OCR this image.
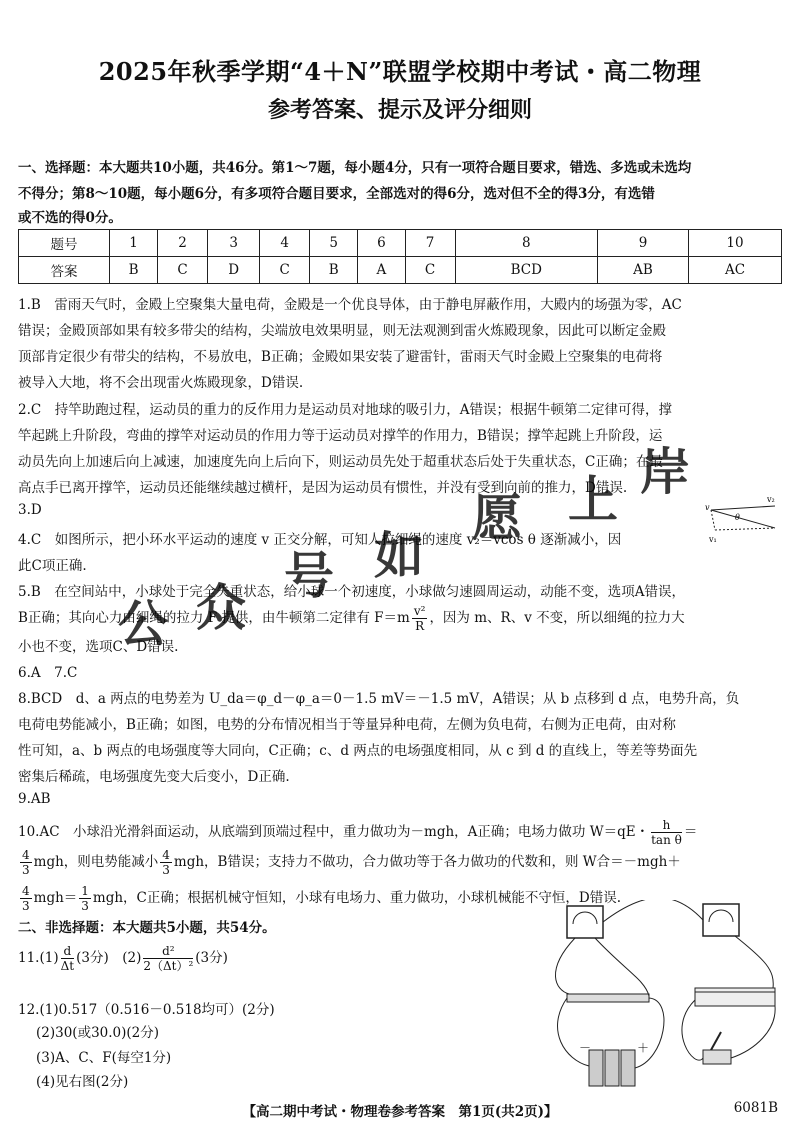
2025年秋季学期“4＋N”联盟学校期中考试・高二物理
参考答案、提示及评分细则
一、选择题：本大题共10小题，共46分。第1～7题，每小题4分，只有一项符合题目要求，错选、多选或未选均
不得分；第8～10题，每小题6分，有多项符合题目要求，全部选对的得6分，选对但不全的得3分，有选错
或不选的得0分。
题号	1	2	3	4	5	6	7	8	9	10
答案	B	C	D	C	B	A	C	BCD	AB	AC
1.B　雷雨天气时，金殿上空聚集大量电荷，金殿是一个优良导体，由于静电屏蔽作用，大殿内的场强为零，AC
错误；金殿顶部如果有较多带尖的结构，尖端放电效果明显，则无法观测到雷火炼殿现象，因此可以断定金殿
顶部肯定很少有带尖的结构，不易放电，B正确；金殿如果安装了避雷针，雷雨天气时金殿上空聚集的电荷将
被导入大地，将不会出现雷火炼殿现象，D错误.
2.C　持竿助跑过程，运动员的重力的反作用力是运动员对地球的吸引力，A错误；根据牛顿第二定律可得，撑
竿起跳上升阶段，弯曲的撑竿对运动员的作用力等于运动员对撑竿的作用力，B错误；撑竿起跳上升阶段，运
动员先向上加速后向上减速，加速度先向上后向下，则运动员先处于超重状态后处于失重状态，C正确；在最
高点手已离开撑竿，运动员还能继续越过横杆，是因为运动员有惯性，并没有受到向前的推力，D错误.
3.D
4.C　如图所示，把小环水平运动的速度 v 正交分解，可知人拉细绳的速度 v₂＝vcos θ 逐渐减小，因
此C项正确.
v₂
v
θ
v₁
5.B　在空间站中，小球处于完全失重状态，给小球一个初速度，小球做匀速圆周运动，动能不变，选项A错误，
B正确；其向心力由细绳的拉力 F 提供，由牛顿第二定律有 $F=m \frac{\text{v²}}{R}$ ，因为 m、R、v 不变，所以细绳的拉力大
小也不变，选项C、D错误.
6.A　7.C
8.BCD　d、a 两点的电势差为 U_da＝φ_d－φ_a＝0－1.5 mV＝－1.5 mV，A错误；从 b 点移到 d 点，电势升高，负
电荷电势能减小，B正确；如图，电势的分布情况相当于等量异种电荷，左侧为负电荷，右侧为正电荷，由对称
性可知，a、b 两点的电场强度等大同向，C正确；c、d 两点的电场强度相同，从 c 到 d 的直线上，等差等势面先
密集后稀疏，电场强度先变大后变小，D正确.
9.AB
10.AC　小球沿光滑斜面运动，从底端到顶端过程中，重力做功为－mgh，A正确；电场力做功 W＝qE・ $\frac{h}{\text{tan θ}}$ ＝
$\frac{4}{3}$ mgh，则电势能减小 $\frac{4}{3}$ mgh，B错误；支持力不做功，合力做功等于各力做功的代数和，则 W合＝－mgh＋
$\frac{4}{3} mgh= \frac{1}{3}$ mgh，C正确；根据机械守恒知，小球有电场力、重力做功，小球机械能不守恒，D错误.
二、非选择题：本大题共5小题，共54分。
$11.(1) \frac{d}{\Delta t} (3$分)　$(2) \frac{\text{d²}}{\text{2（Δt）²}} (3$分)
12.(1)0.517（0.516－0.518均可）(2分)
(2)30(或30.0)(2分)
(3)A、C、F(每空1分)
(4)见右图(2分)
－	＋
公 众
号 如
愿 上 岸
【高二期中考试・物理卷参考答案　第1页(共2页)】	6081B
